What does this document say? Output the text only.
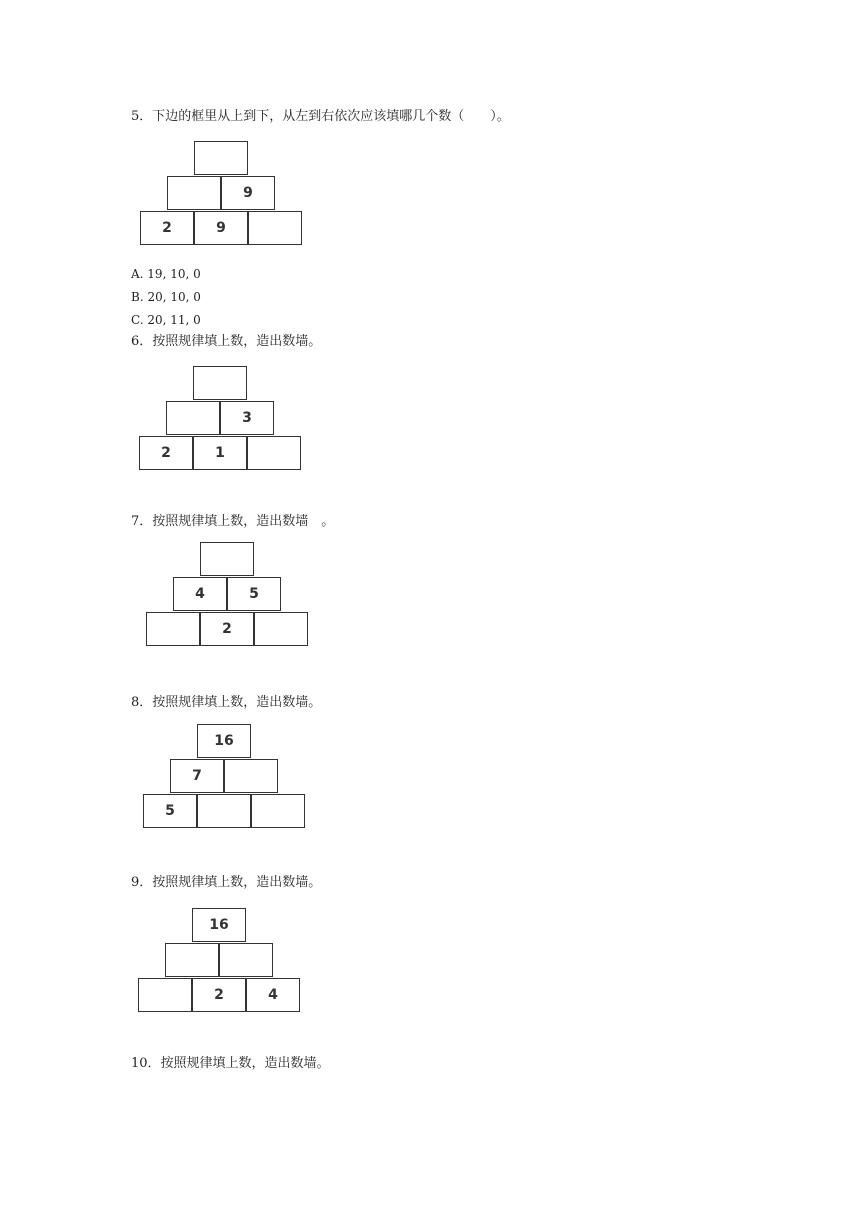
5．下边的框里从上到下，从左到右依次应该填哪几个数（　　）。
9
2	9
A. 19, 10, 0
B. 20, 10, 0
C. 20, 11, 0
6．按照规律填上数，造出数墙。
3
2	1
7．按照规律填上数，造出数墙　。
4	5
2
8．按照规律填上数，造出数墙。
16
7
5
9．按照规律填上数，造出数墙。
16
2	4
10．按照规律填上数，造出数墙。
